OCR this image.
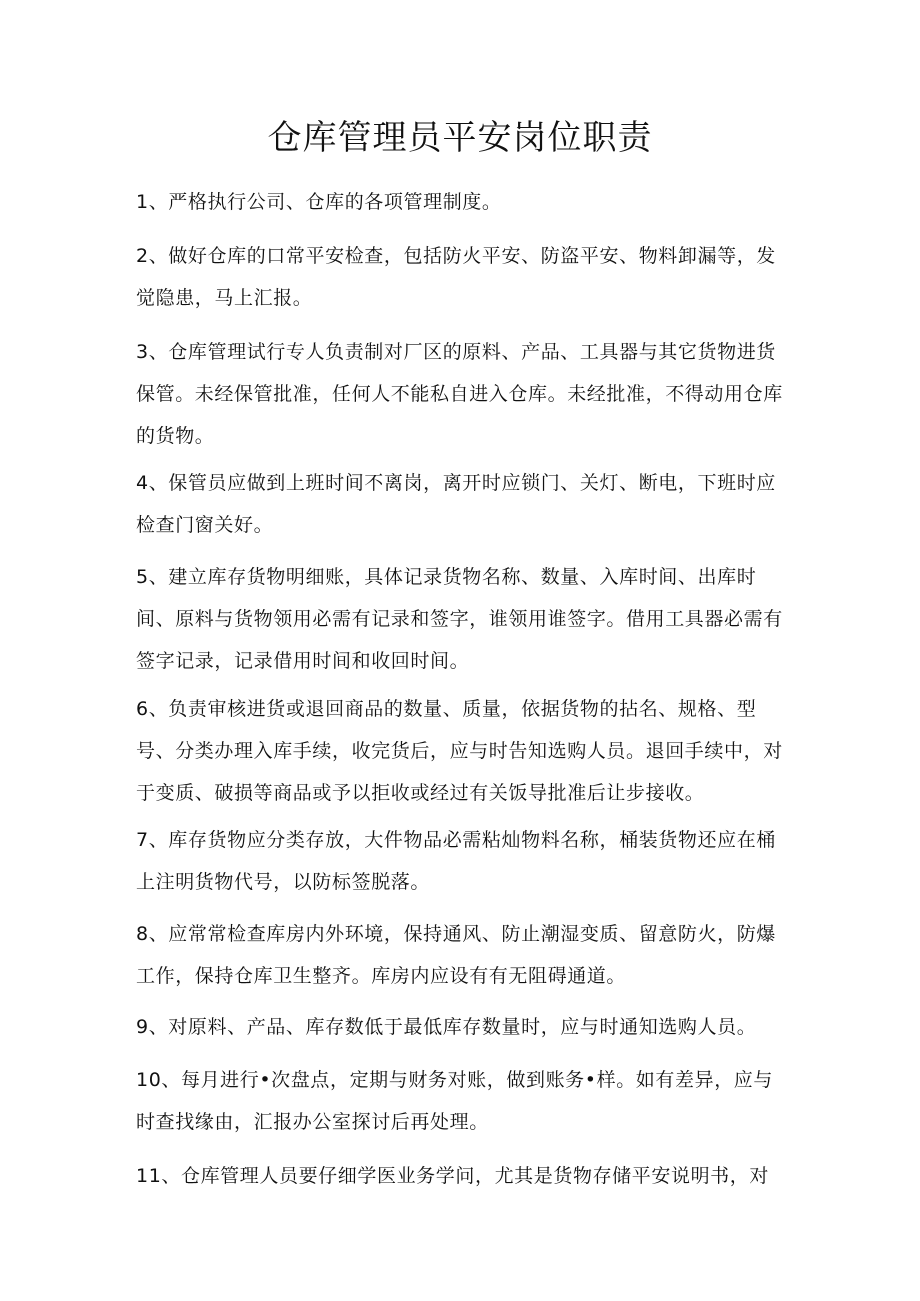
仓库管理员平安岗位职责

1、严格执行公司、仓库的各项管理制度。

2、做好仓库的口常平安检查，包括防火平安、防盗平安、物料卸漏等，发觉隐患，马上汇报。

3、仓库管理试行专人负责制对厂区的原料、产品、工具器与其它货物进货保管。未经保管批准，任何人不能私自进入仓库。未经批准，不得动用仓库的货物。

4、保管员应做到上班时间不离岗，离开时应锁门、关灯、断电，下班时应检查门窗关好。

5、建立库存货物明细账，具体记录货物名称、数量、入库时间、出库时间、原料与货物领用必需有记录和签字，谁领用谁签字。借用工具器必需有签字记录，记录借用时间和收回时间。

6、负责审核进货或退回商品的数量、质量，依据货物的拈名、规格、型号、分类办理入库手续，收完货后，应与时告知选购人员。退回手续中，对于变质、破损等商品或予以拒收或经过有关饭导批准后让步接收。

7、库存货物应分类存放，大件物品必需粘灿物料名称，桶装货物还应在桶上注明货物代号，以防标签脱落。

8、应常常检查库房内外环境，保持通风、防止潮湿变质、留意防火，防爆工作，保持仓库卫生整齐。库房内应设有有无阻碍通道。

9、对原料、产品、库存数低于最低库存数量时，应与时通知选购人员。

10、每月进行•次盘点，定期与财务对账，做到账务•样。如有差异，应与时查找缘由，汇报办公室探讨后再处理。

11、仓库管理人员要仔细学医业务学问，尤其是货物存储平安说明书，对
